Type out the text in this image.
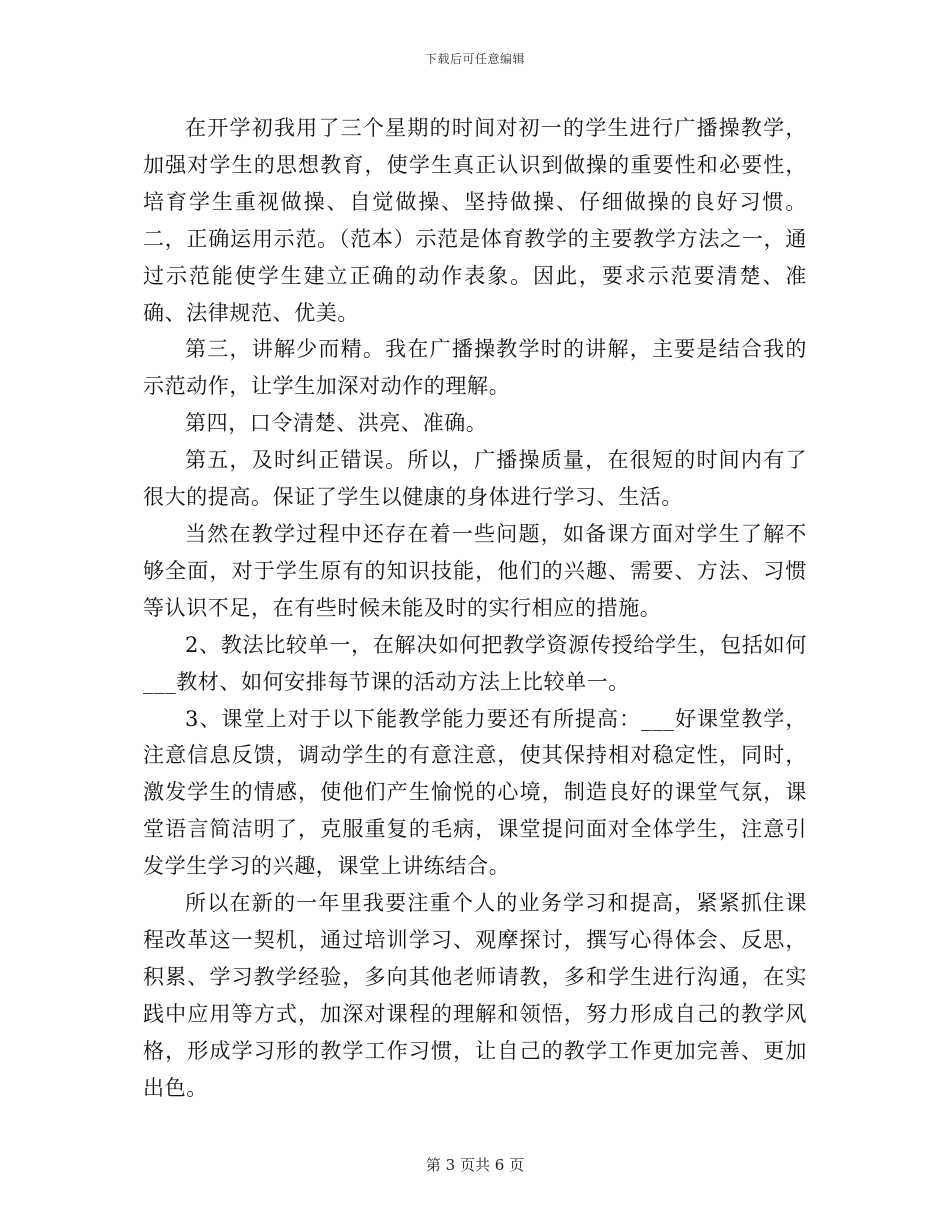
下载后可任意编辑

在开学初我用了三个星期的时间对初一的学生进行广播操教学，加强对学生的思想教育，使学生真正认识到做操的重要性和必要性，培育学生重视做操、自觉做操、坚持做操、仔细做操的良好习惯。二，正确运用示范。（范本）示范是体育教学的主要教学方法之一，通过示范能使学生建立正确的动作表象。因此，要求示范要清楚、准确、法律规范、优美。

第三，讲解少而精。我在广播操教学时的讲解，主要是结合我的示范动作，让学生加深对动作的理解。

第四，口令清楚、洪亮、准确。

第五，及时纠正错误。所以，广播操质量，在很短的时间内有了很大的提高。保证了学生以健康的身体进行学习、生活。

当然在教学过程中还存在着一些问题，如备课方面对学生了解不够全面，对于学生原有的知识技能，他们的兴趣、需要、方法、习惯等认识不足，在有些时候未能及时的实行相应的措施。

2、教法比较单一，在解决如何把教学资源传授给学生，包括如何___教材、如何安排每节课的活动方法上比较单一。

3、课堂上对于以下能教学能力要还有所提高：___好课堂教学，注意信息反馈，调动学生的有意注意，使其保持相对稳定性，同时，激发学生的情感，使他们产生愉悦的心境，制造良好的课堂气氛，课堂语言简洁明了，克服重复的毛病，课堂提问面对全体学生，注意引发学生学习的兴趣，课堂上讲练结合。

所以在新的一年里我要注重个人的业务学习和提高，紧紧抓住课程改革这一契机，通过培训学习、观摩探讨，撰写心得体会、反思，积累、学习教学经验，多向其他老师请教，多和学生进行沟通，在实践中应用等方式，加深对课程的理解和领悟，努力形成自己的教学风格，形成学习形的教学工作习惯，让自己的教学工作更加完善、更加出色。

第 3 页共 6 页
